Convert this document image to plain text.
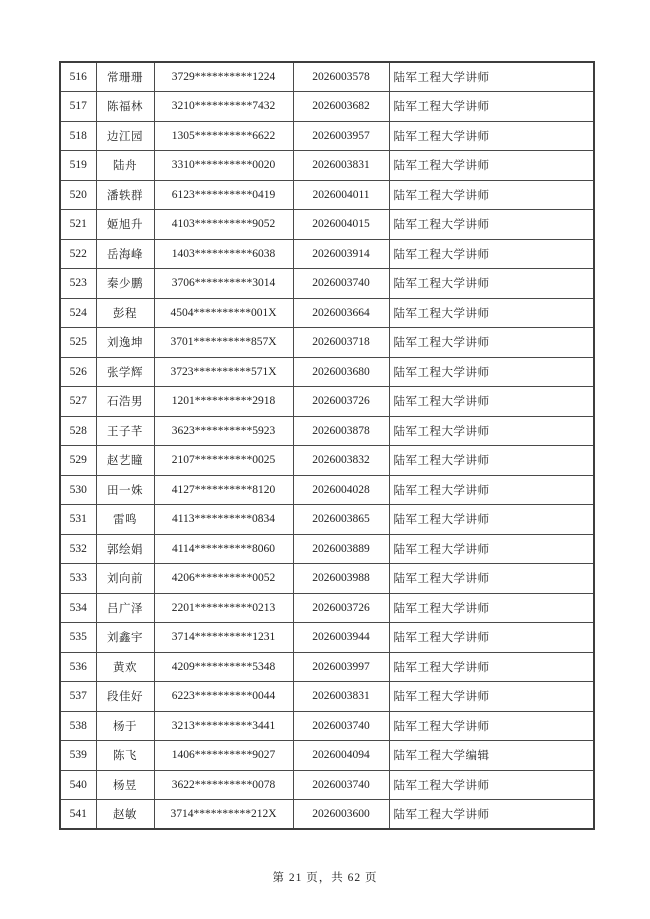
516	常珊珊	3729**********1224	2026003578	陆军工程大学讲师
517	陈福林	3210**********7432	2026003682	陆军工程大学讲师
518	边江园	1305**********6622	2026003957	陆军工程大学讲师
519	陆舟	3310**********0020	2026003831	陆军工程大学讲师
520	潘轶群	6123**********0419	2026004011	陆军工程大学讲师
521	姬旭升	4103**********9052	2026004015	陆军工程大学讲师
522	岳海峰	1403**********6038	2026003914	陆军工程大学讲师
523	秦少鹏	3706**********3014	2026003740	陆军工程大学讲师
524	彭程	4504**********001X	2026003664	陆军工程大学讲师
525	刘逸坤	3701**********857X	2026003718	陆军工程大学讲师
526	张学辉	3723**********571X	2026003680	陆军工程大学讲师
527	石浩男	1201**********2918	2026003726	陆军工程大学讲师
528	王子芊	3623**********5923	2026003878	陆军工程大学讲师
529	赵艺瞳	2107**********0025	2026003832	陆军工程大学讲师
530	田一姝	4127**********8120	2026004028	陆军工程大学讲师
531	雷鸣	4113**********0834	2026003865	陆军工程大学讲师
532	郭绘娟	4114**********8060	2026003889	陆军工程大学讲师
533	刘向前	4206**********0052	2026003988	陆军工程大学讲师
534	吕广泽	2201**********0213	2026003726	陆军工程大学讲师
535	刘鑫宇	3714**********1231	2026003944	陆军工程大学讲师
536	黄欢	4209**********5348	2026003997	陆军工程大学讲师
537	段佳好	6223**********0044	2026003831	陆军工程大学讲师
538	杨于	3213**********3441	2026003740	陆军工程大学讲师
539	陈飞	1406**********9027	2026004094	陆军工程大学编辑
540	杨昱	3622**********0078	2026003740	陆军工程大学讲师
541	赵敏	3714**********212X	2026003600	陆军工程大学讲师
第 21 页，共 62 页
